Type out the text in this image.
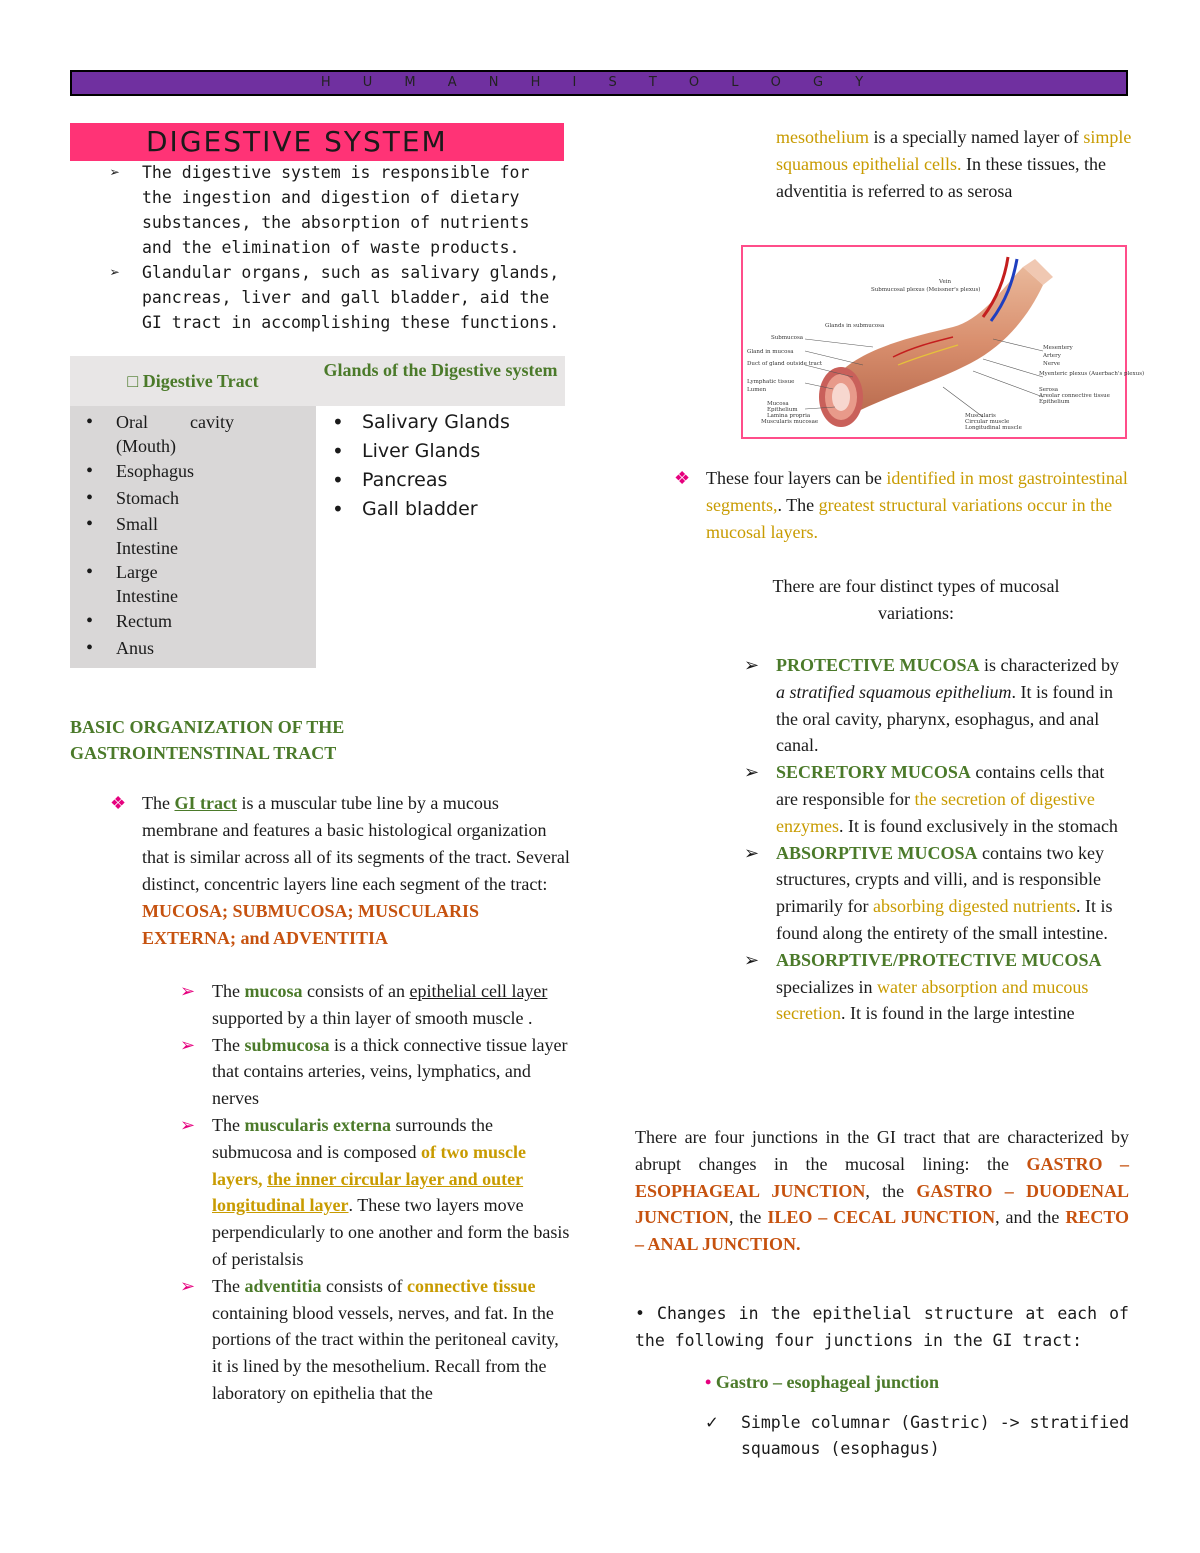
H U M A N H I S T O L O G Y
DIGESTIVE SYSTEM
➢ The digestive system is responsible for the ingestion and digestion of dietary substances, the absorption of nutrients and the elimination of waste products.
➢ Glandular organs, such as salivary glands, pancreas, liver and gall bladder, aid the GI tract in accomplishing these functions.
□ Digestive Tract
Glands of the Digestive system
• Oral cavity
(Mouth)
• Esophagus
• Stomach
• Small
Intestine
• Large
Intestine
• Rectum
• Anus
• Salivary Glands
• Liver Glands
• Pancreas
• Gall bladder
BASIC ORGANIZATION OF THE GASTROINTENSTINAL TRACT
❖ The GI tract is a muscular tube line by a mucous membrane and features a basic histological organization that is similar across all of its segments of the tract. Several distinct, concentric layers line each segment of the tract: MUCOSA; SUBMUCOSA; MUSCULARIS EXTERNA; and ADVENTITIA
➢ The mucosa consists of an epithelial cell layer supported by a thin layer of smooth muscle .
➢ The submucosa is a thick connective tissue layer that contains arteries, veins, lymphatics, and nerves
➢ The muscularis externa surrounds the submucosa and is composed of two muscle layers, the inner circular layer and outer longitudinal layer. These two layers move perpendicularly to one another and form the basis of peristalsis
➢ The adventitia consists of connective tissue containing blood vessels, nerves, and fat. In the portions of the tract within the peritoneal cavity, it is lined by the mesothelium. Recall from the laboratory on epithelia that the
mesothelium is a specially named layer of simple squamous epithelial cells. In these tissues, the adventitia is referred to as serosa
Submucosal plexus (Meissner's plexus)
Vein
Glands in submucosa
Submucosa
Gland in mucosa
Duct of gland outside tract
Lymphatic tissue
Lumen
Mucosa
Epithelium
Lamina propria
Muscularis mucosae
Mesentery
Artery
Nerve
Myenteric plexus (Auerbach's plexus)
Serosa
Areolar connective tissue
Epithelium
Muscularis
Circular muscle
Longitudinal muscle
❖ These four layers can be identified in most gastrointestinal segments,. The greatest structural variations occur in the mucosal layers.
There are four distinct types of mucosal variations:
➢ PROTECTIVE MUCOSA is characterized by a stratified squamous epithelium. It is found in the oral cavity, pharynx, esophagus, and anal canal.
➢ SECRETORY MUCOSA contains cells that are responsible for the secretion of digestive enzymes. It is found exclusively in the stomach
➢ ABSORPTIVE MUCOSA contains two key structures, crypts and villi, and is responsible primarily for absorbing digested nutrients. It is found along the entirety of the small intestine.
➢ ABSORPTIVE/PROTECTIVE MUCOSA specializes in water absorption and mucous secretion. It is found in the large intestine
There are four junctions in the GI tract that are characterized by abrupt changes in the mucosal lining: the GASTRO – ESOPHAGEAL JUNCTION, the GASTRO – DUODENAL JUNCTION, the ILEO – CECAL JUNCTION, and the RECTO – ANAL JUNCTION.
• Changes in the epithelial structure at each of the following four junctions in the GI tract:
• Gastro – esophageal junction
✓ Simple columnar (Gastric) -> stratified squamous (esophagus)
